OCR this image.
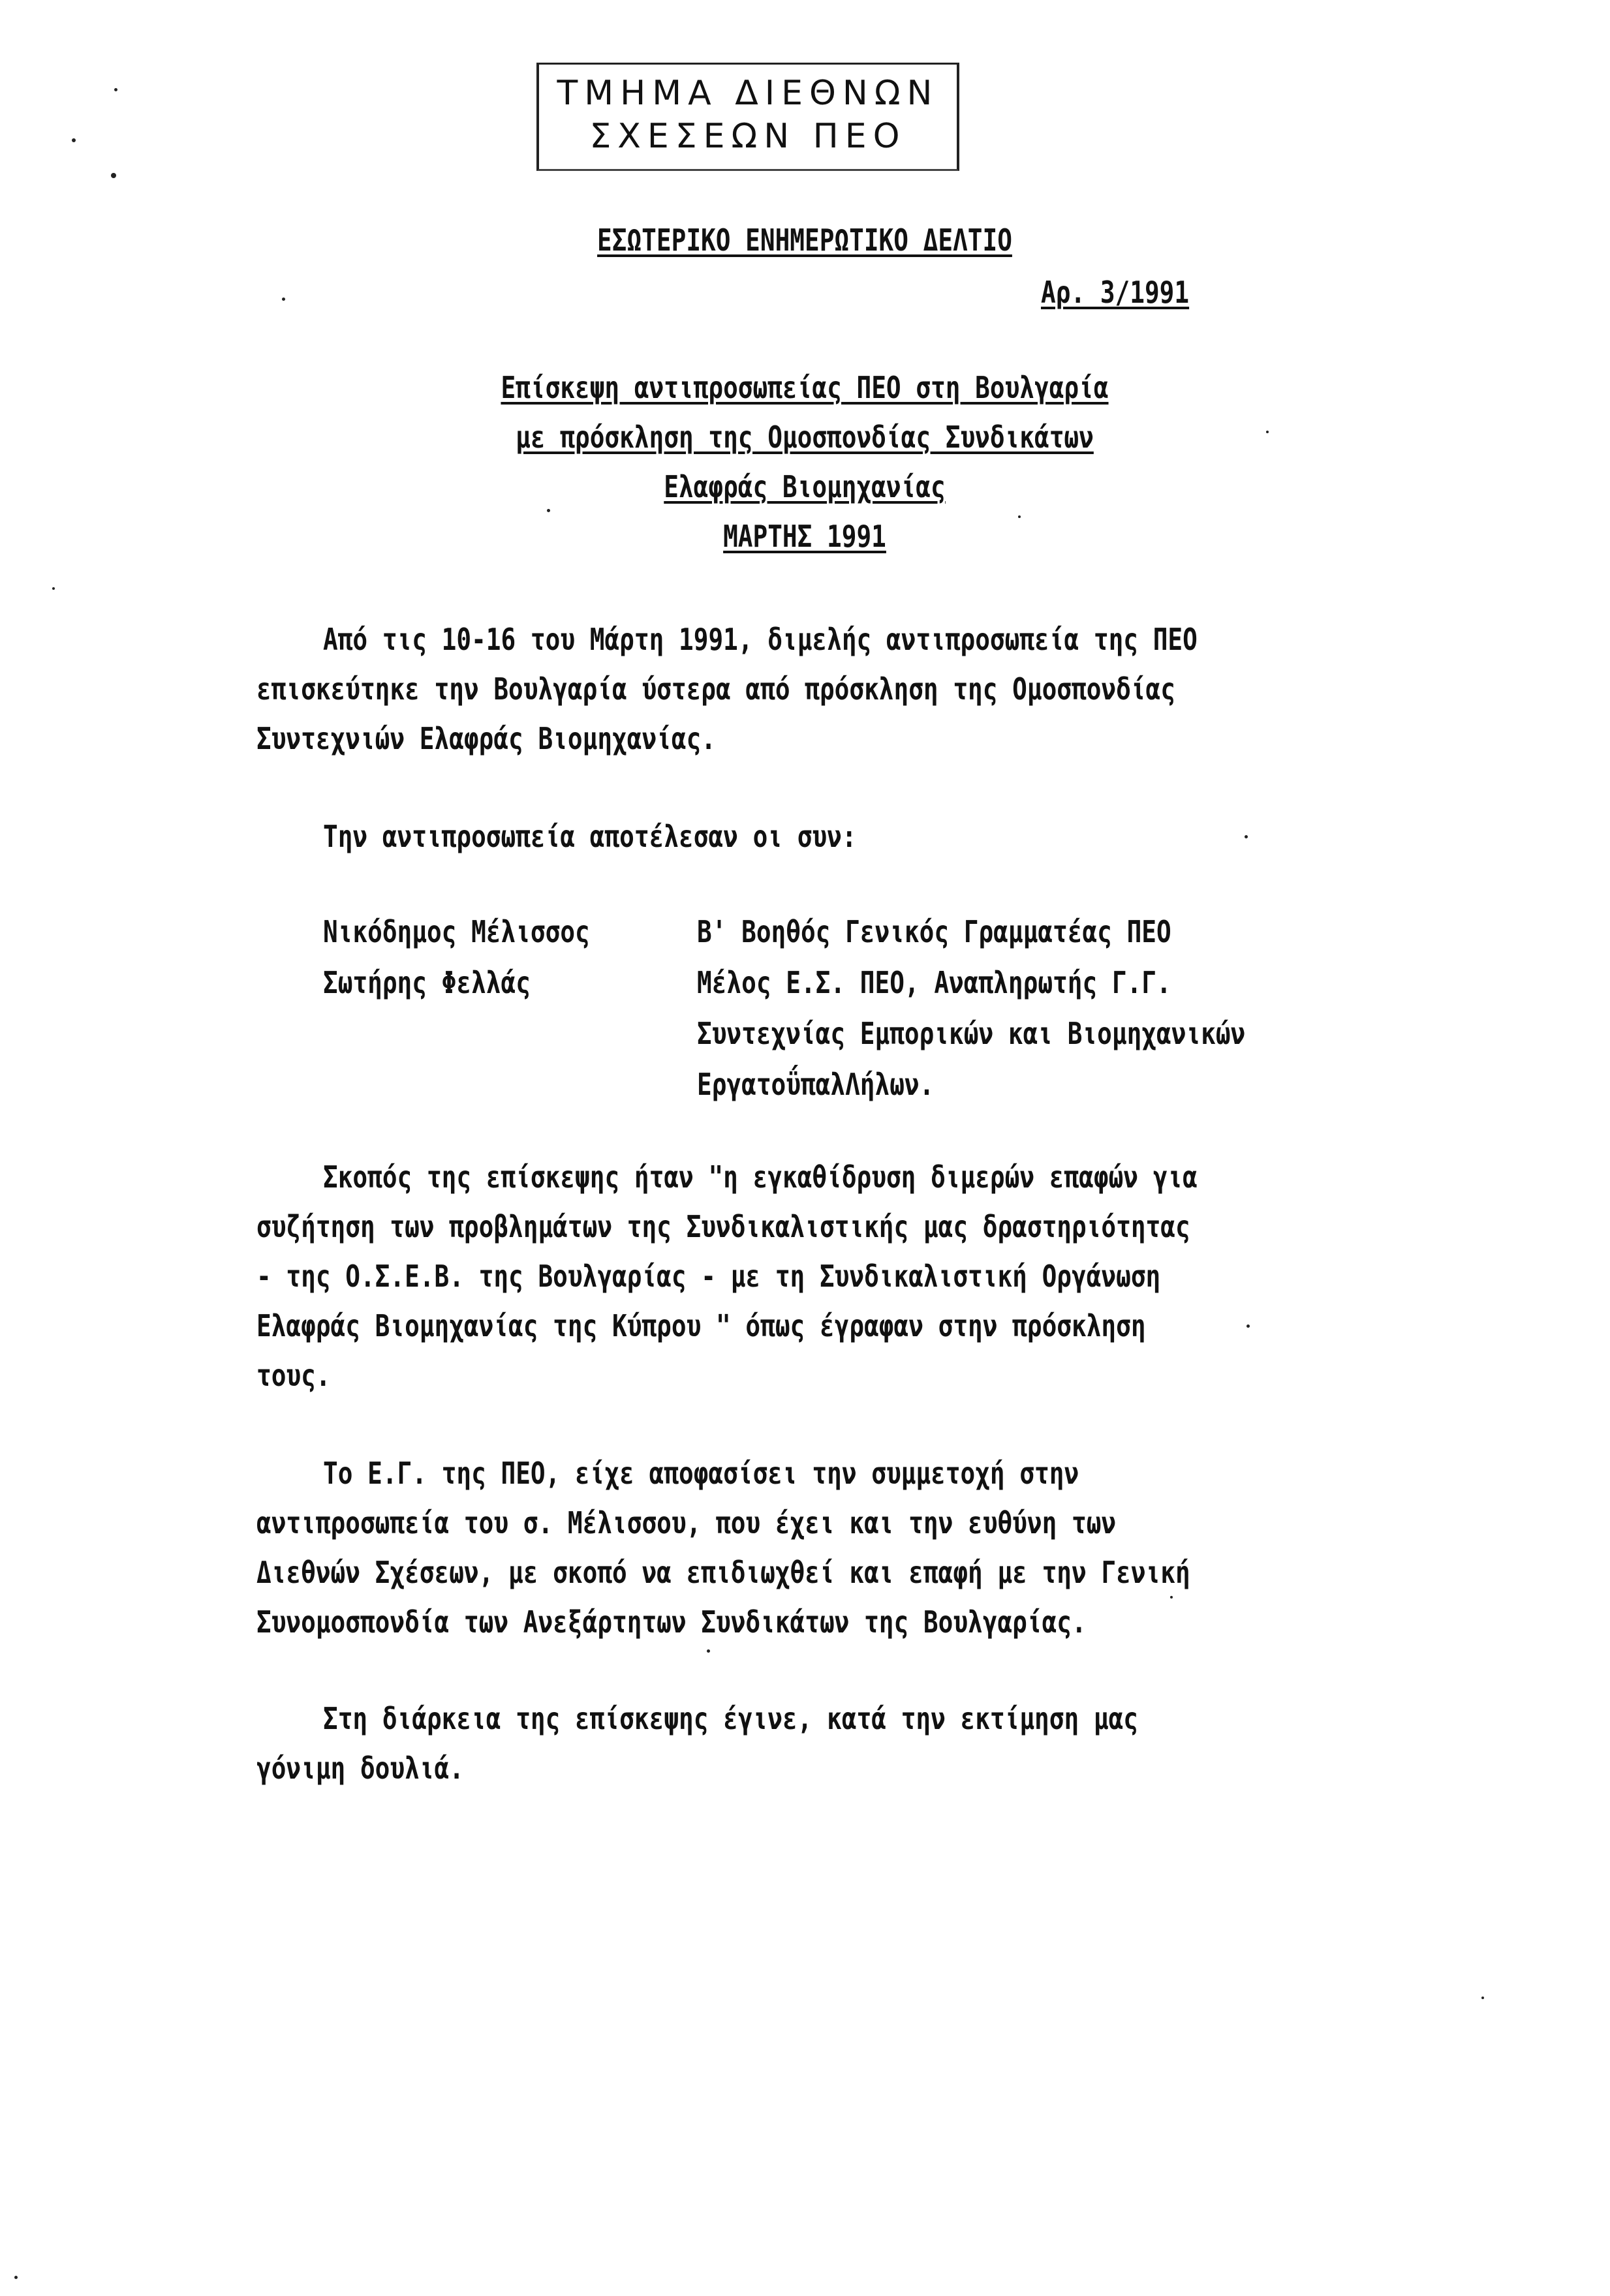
ΤΜΗΜΑ ΔΙΕΘΝΩΝ
ΣΧΕΣΕΩΝ ΠΕΟ
ΕΣΩΤΕΡΙΚΟ ΕΝΗΜΕΡΩΤΙΚΟ ΔΕΛΤΙΟ
Αρ. 3/1991
Επίσκεψη αντιπροσωπείας ΠΕΟ στη Βουλγαρία
με πρόσκληση της Ομοσπονδίας Συνδικάτων
Ελαφράς Βιομηχανίας
ΜΑΡΤΗΣ 1991
Από τις 10-16 του Μάρτη 1991, διμελής αντιπροσωπεία της ΠΕΟ
επισκεύτηκε την Βουλγαρία ύστερα από πρόσκληση της Ομοσπονδίας
Συντεχνιών Ελαφράς Βιομηχανίας.
Την αντιπροσωπεία αποτέλεσαν οι συν:
Νικόδημος Μέλισσος	Β' Βοηθός Γενικός Γραμματέας ΠΕΟ
Σωτήρης Φελλάς	Μέλος Ε.Σ. ΠΕΟ, Αναπληρωτής Γ.Γ.
Συντεχνίας Εμπορικών και Βιομηχανικών
ΕργατοΰπαλΛήλων.
Σκοπός της επίσκεψης ήταν "η εγκαθίδρυση διμερών επαφών για
συζήτηση των προβλημάτων της Συνδικαλιστικής μας δραστηριότητας
- της Ο.Σ.Ε.Β. της Βουλγαρίας - με τη Συνδικαλιστική Οργάνωση
Ελαφράς Βιομηχανίας της Κύπρου " όπως έγραφαν στην πρόσκληση
τους.
Το Ε.Γ. της ΠΕΟ, είχε αποφασίσει την συμμετοχή στην
αντιπροσωπεία του σ. Μέλισσου, που έχει και την ευθύνη των
Διεθνών Σχέσεων, με σκοπό να επιδιωχθεί και επαφή με την Γενική
Συνομοσπονδία των Ανεξάρτητων Συνδικάτων της Βουλγαρίας.
Στη διάρκεια της επίσκεψης έγινε, κατά την εκτίμηση μας
γόνιμη δουλιά.
